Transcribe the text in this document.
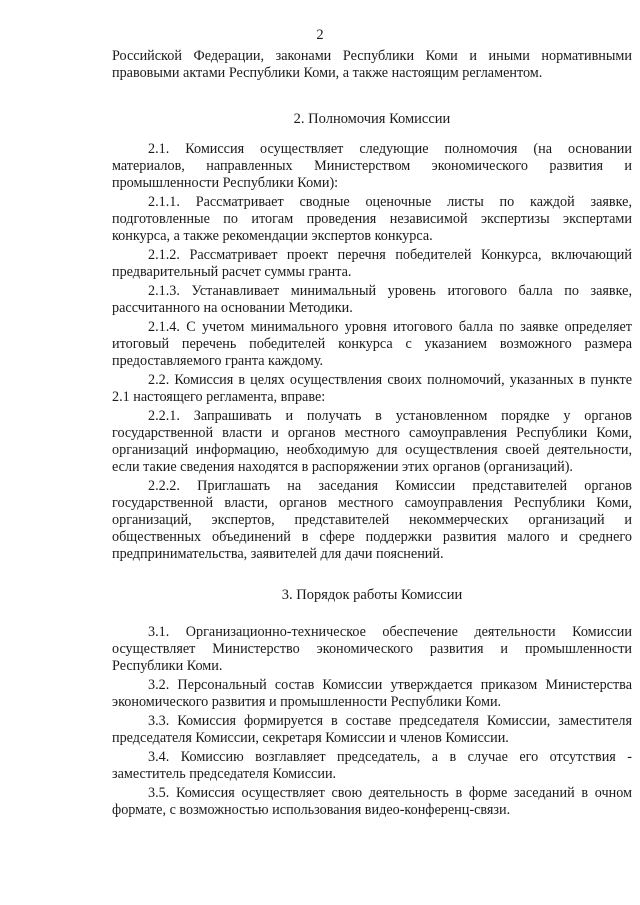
2

Российской Федерации, законами Республики Коми и иными нормативными правовыми актами Республики Коми, а также настоящим регламентом.

2. Полномочия Комиссии

2.1. Комиссия осуществляет следующие полномочия (на основании материалов, направленных Министерством экономического развития и промышленности Республики Коми):

2.1.1. Рассматривает сводные оценочные листы по каждой заявке, подготовленные по итогам проведения независимой экспертизы экспертами конкурса, а также рекомендации экспертов конкурса.

2.1.2. Рассматривает проект перечня победителей Конкурса, включающий предварительный расчет суммы гранта.

2.1.3. Устанавливает минимальный уровень итогового балла по заявке, рассчитанного на основании Методики.

2.1.4. С учетом минимального уровня итогового балла по заявке определяет итоговый перечень победителей конкурса с указанием возможного размера предоставляемого гранта каждому.

2.2. Комиссия в целях осуществления своих полномочий, указанных в пункте 2.1 настоящего регламента, вправе:

2.2.1. Запрашивать и получать в установленном порядке у органов государственной власти и органов местного самоуправления Республики Коми, организаций информацию, необходимую для осуществления своей деятельности, если такие сведения находятся в распоряжении этих органов (организаций).

2.2.2. Приглашать на заседания Комиссии представителей органов государственной власти, органов местного самоуправления Республики Коми, организаций, экспертов, представителей некоммерческих организаций и общественных объединений в сфере поддержки развития малого и среднего предпринимательства, заявителей для дачи пояснений.

3. Порядок работы Комиссии

3.1. Организационно-техническое обеспечение деятельности Комиссии осуществляет Министерство экономического развития и промышленности Республики Коми.

3.2. Персональный состав Комиссии утверждается приказом Министерства экономического развития и промышленности Республики Коми.

3.3. Комиссия формируется в составе председателя Комиссии, заместителя председателя Комиссии, секретаря Комиссии и членов Комиссии.

3.4. Комиссию возглавляет председатель, а в случае его отсутствия - заместитель председателя Комиссии.

3.5. Комиссия осуществляет свою деятельность в форме заседаний в очном формате, с возможностью использования видео-конференц-связи.
